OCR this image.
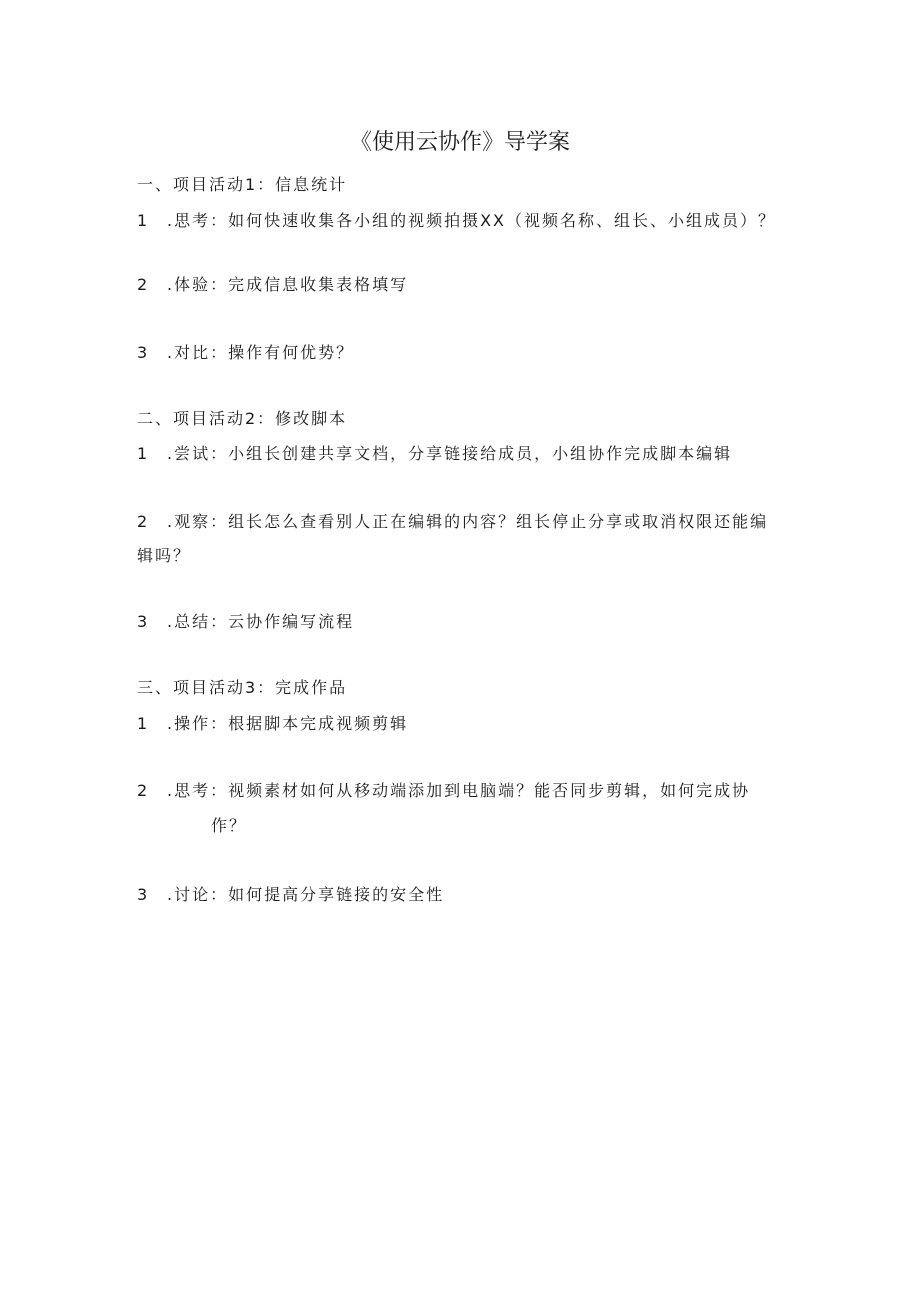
《使用云协作》导学案
一、项目活动1：信息统计
1 .思考：如何快速收集各小组的视频拍摄XX（视频名称、组长、小组成员）？
2 .体验：完成信息收集表格填写
3 .对比：操作有何优势？
二、项目活动2：修改脚本
1 .尝试：小组长创建共享文档，分享链接给成员，小组协作完成脚本编辑
2 .观察：组长怎么查看别人正在编辑的内容？组长停止分享或取消权限还能编
辑吗？
3 .总结：云协作编写流程
三、项目活动3：完成作品
1 .操作：根据脚本完成视频剪辑
2 .思考：视频素材如何从移动端添加到电脑端？能否同步剪辑，如何完成协
作？
3 .讨论：如何提高分享链接的安全性
